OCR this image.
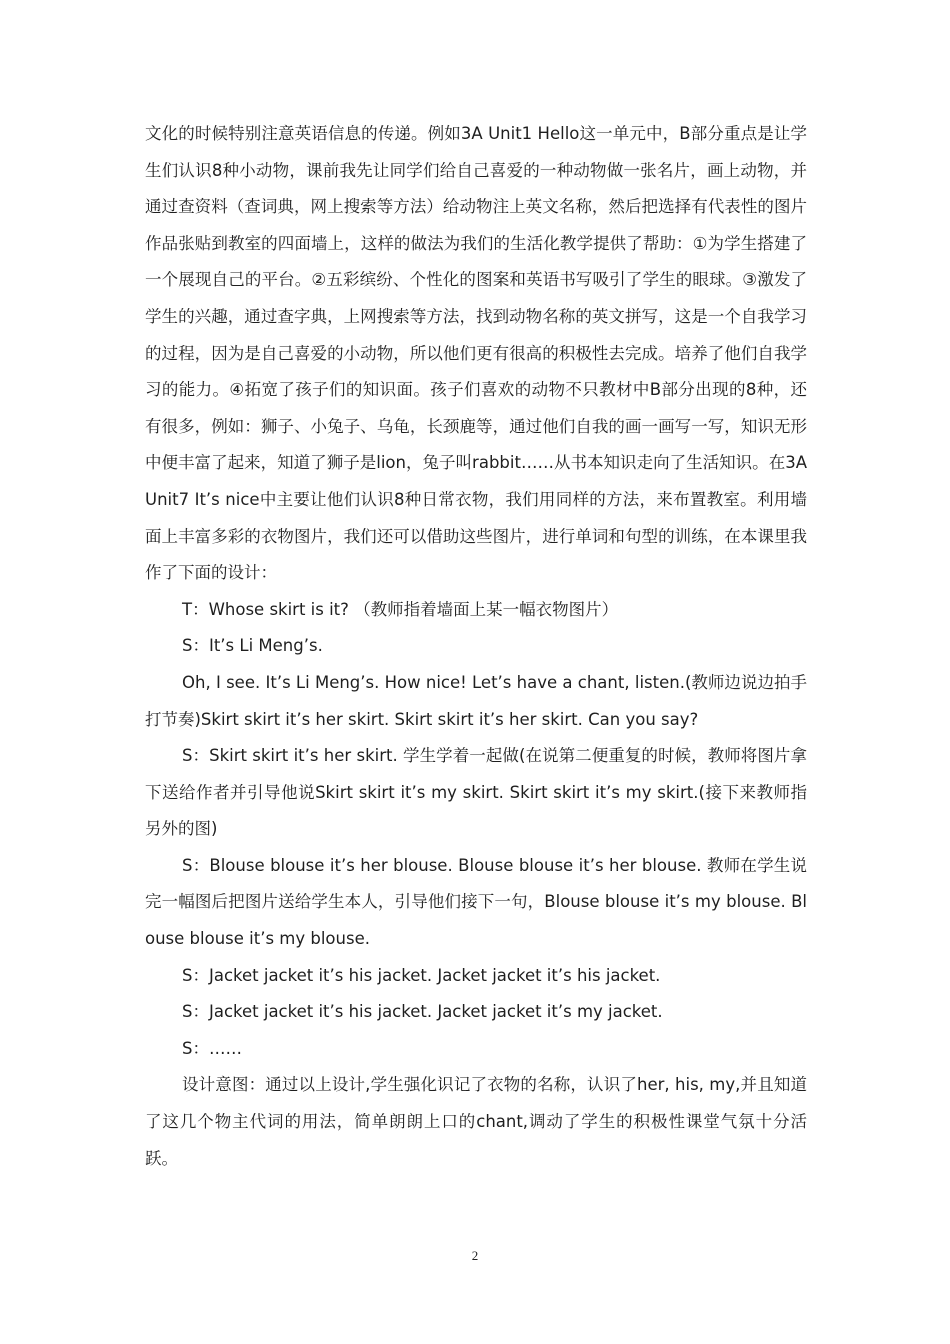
文化的时候特别注意英语信息的传递。例如3A Unit1 Hello这一单元中，B部分重点是让学生们认识8种小动物，课前我先让同学们给自己喜爱的一种动物做一张名片，画上动物，并通过查资料（查词典，网上搜索等方法）给动物注上英文名称，然后把选择有代表性的图片作品张贴到教室的四面墙上，这样的做法为我们的生活化教学提供了帮助：①为学生搭建了一个展现自己的平台。②五彩缤纷、个性化的图案和英语书写吸引了学生的眼球。③激发了学生的兴趣，通过查字典，上网搜索等方法，找到动物名称的英文拼写，这是一个自我学习的过程，因为是自己喜爱的小动物，所以他们更有很高的积极性去完成。培养了他们自我学习的能力。④拓宽了孩子们的知识面。孩子们喜欢的动物不只教材中B部分出现的8种，还有很多，例如：狮子、小兔子、乌龟，长颈鹿等，通过他们自我的画一画写一写，知识无形中便丰富了起来，知道了狮子是lion，兔子叫rabbit……从书本知识走向了生活知识。在3A Unit7 It’s nice中主要让他们认识8种日常衣物，我们用同样的方法，来布置教室。利用墙面上丰富多彩的衣物图片，我们还可以借助这些图片，进行单词和句型的训练，在本课里我作了下面的设计：

T：Whose skirt is it? （教师指着墙面上某一幅衣物图片）

S：It’s Li Meng’s.

Oh, I see. It’s Li Meng’s. How nice! Let’s have a chant, listen.(教师边说边拍手打节奏)Skirt skirt it’s her skirt. Skirt skirt it’s her skirt. Can you say?

S：Skirt skirt it’s her skirt. 学生学着一起做(在说第二便重复的时候，教师将图片拿下送给作者并引导他说Skirt skirt it’s my skirt. Skirt skirt it’s my skirt.(接下来教师指另外的图)

S：Blouse blouse it’s her blouse. Blouse blouse it’s her blouse. 教师在学生说完一幅图后把图片送给学生本人，引导他们接下一句，Blouse blouse it’s my blouse. Blouse blouse it’s my blouse.

S：Jacket jacket it’s his jacket. Jacket jacket it’s his jacket.

S：Jacket jacket it’s his jacket. Jacket jacket it’s my jacket.

S：……

设计意图：通过以上设计,学生强化识记了衣物的名称，认识了her, his, my,并且知道了这几个物主代词的用法，简单朗朗上口的chant,调动了学生的积极性课堂气氛十分活跃。

2
